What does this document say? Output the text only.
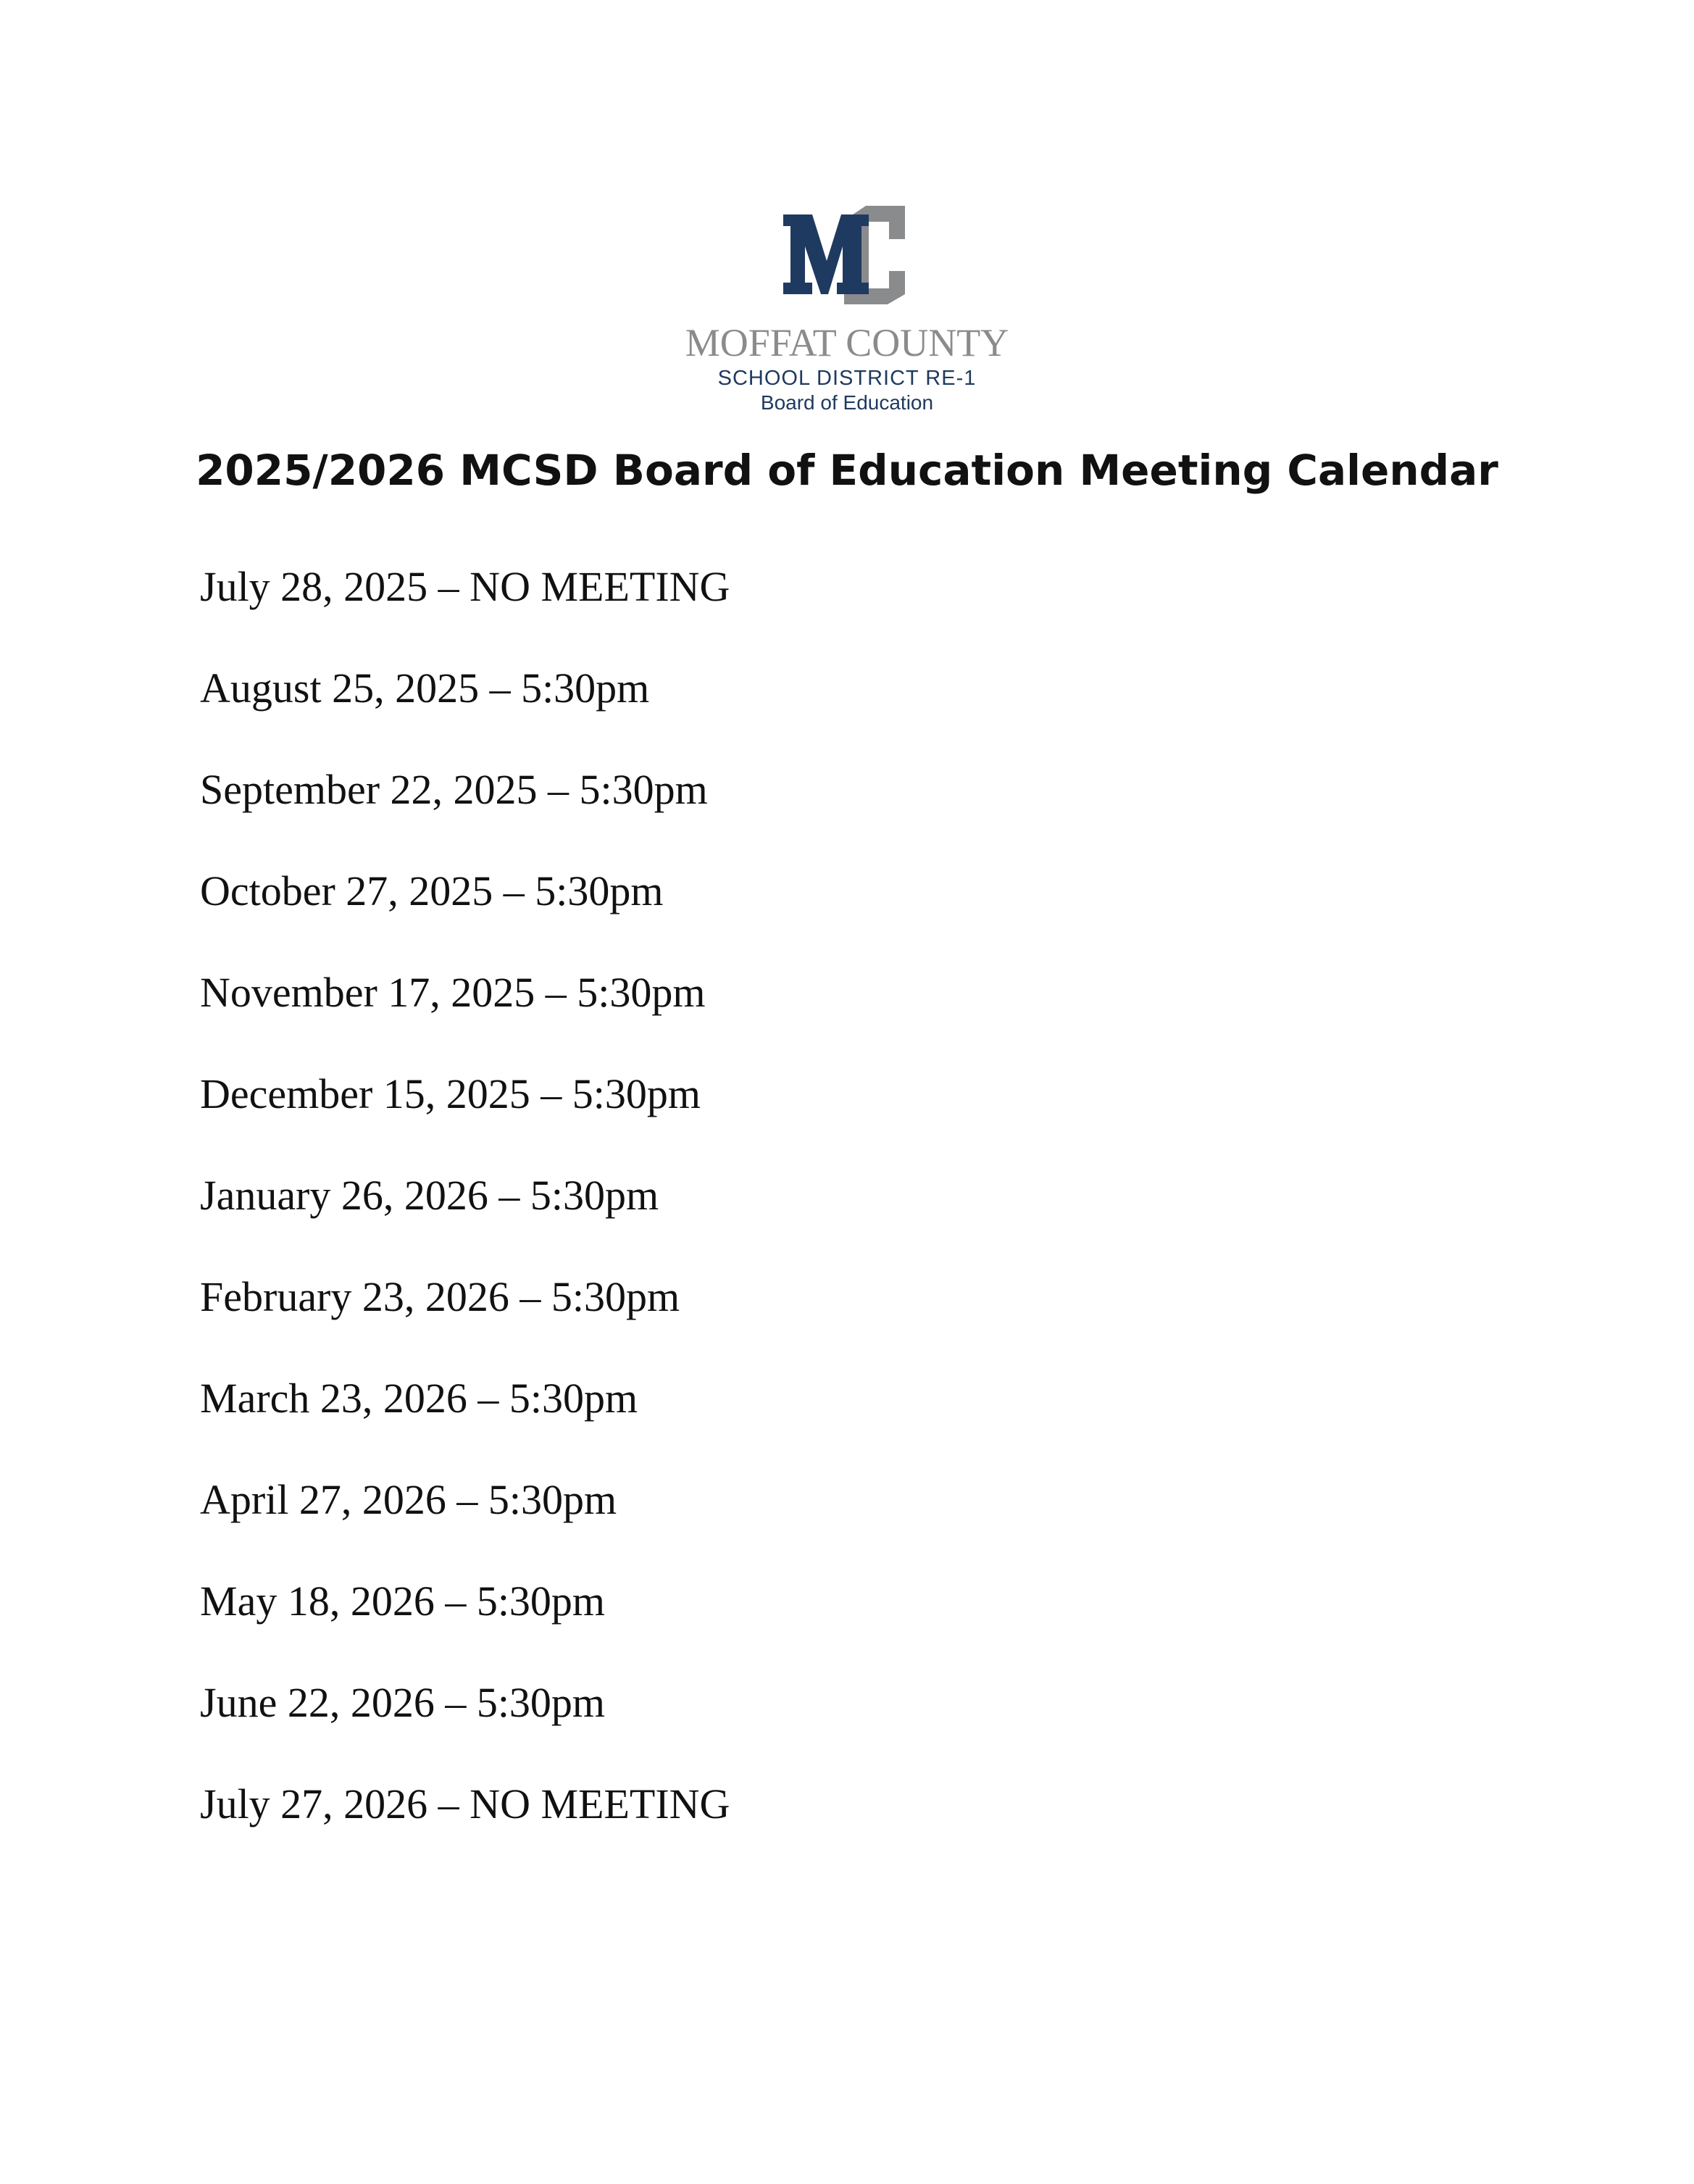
MOFFAT COUNTY
SCHOOL DISTRICT RE-1
Board of Education
2025/2026 MCSD Board of Education Meeting Calendar
July 28, 2025 – NO MEETING
August 25, 2025 – 5:30pm
September 22, 2025 – 5:30pm
October 27, 2025 – 5:30pm
November 17, 2025 – 5:30pm
December 15, 2025 – 5:30pm
January 26, 2026 – 5:30pm
February 23, 2026 – 5:30pm
March 23, 2026 – 5:30pm
April 27, 2026 – 5:30pm
May 18, 2026 – 5:30pm
June 22, 2026 – 5:30pm
July 27, 2026 – NO MEETING
